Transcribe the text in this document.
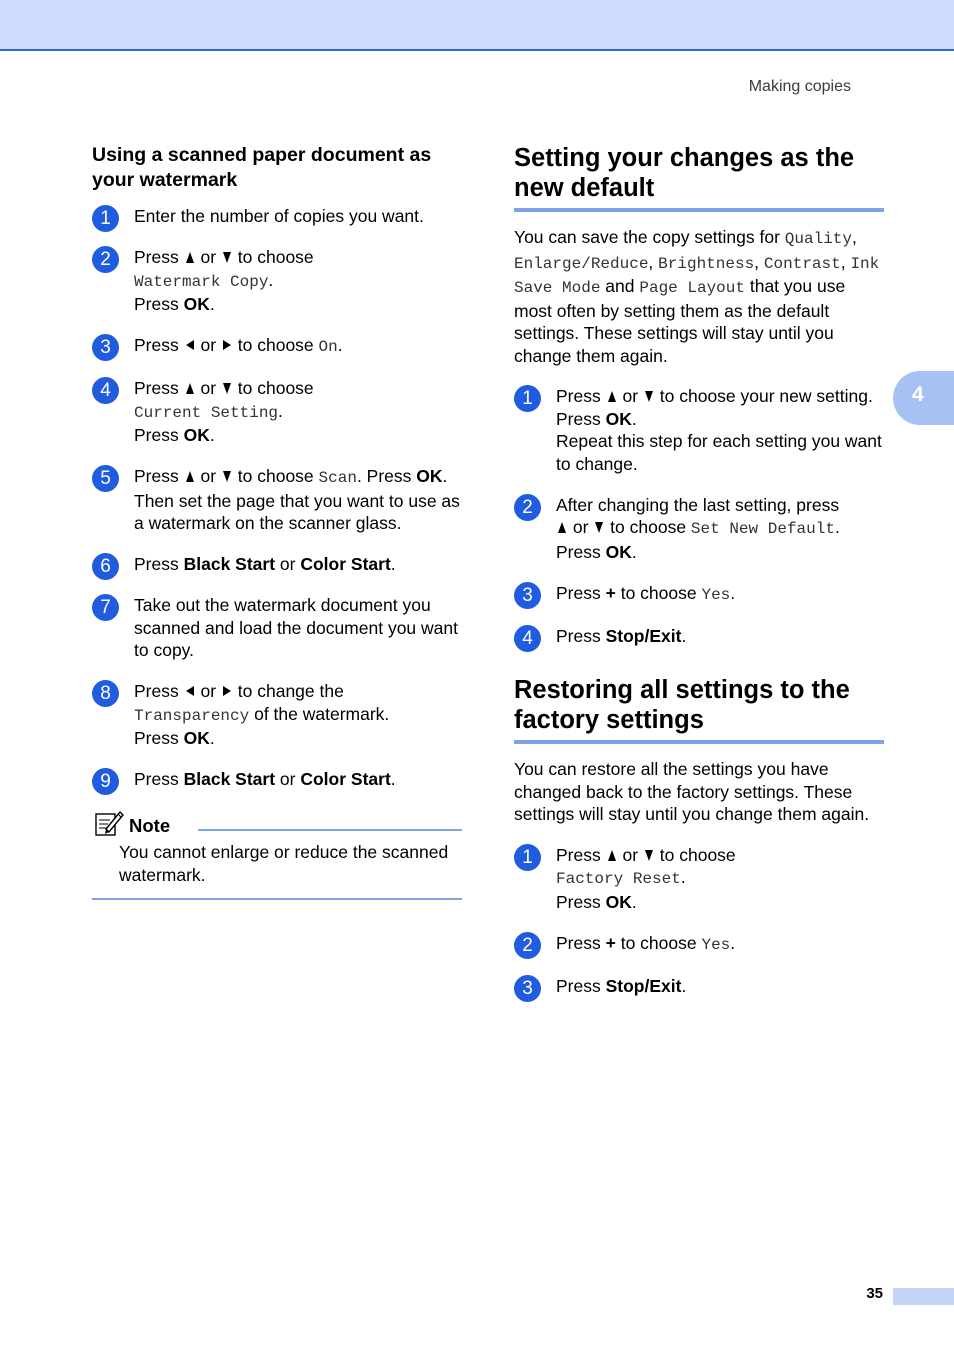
Making copies
4
Using a scanned paper document as your watermark
1	Enter the number of copies you want.
2	Press  or  to choose
Watermark Copy.
Press OK.
3	Press  or  to choose On.
4	Press  or  to choose
Current Setting.
Press OK.
5	Press  or  to choose Scan. Press OK. Then set the page that you want to use as a watermark on the scanner glass.
6	Press Black Start or Color Start.
7	Take out the watermark document you scanned and load the document you want to copy.
8	Press  or  to change the
Transparency of the watermark.
Press OK.
9	Press Black Start or Color Start.
Note
You cannot enlarge or reduce the scanned watermark.
Setting your changes as the new default

You can save the copy settings for Quality, Enlarge/Reduce, Brightness, Contrast, Ink Save Mode and Page Layout that you use most often by setting them as the default settings. These settings will stay until you change them again.

1	Press  or  to choose your new setting.
Press OK.
Repeat this step for each setting you want to change.
2	After changing the last setting, press
or  to choose Set New Default.
Press OK.
3	Press + to choose Yes.
4	Press Stop/Exit.
Restoring all settings to the factory settings

You can restore all the settings you have changed back to the factory settings. These settings will stay until you change them again.

1	Press  or  to choose
Factory Reset.
Press OK.
2	Press + to choose Yes.
3	Press Stop/Exit.
35
